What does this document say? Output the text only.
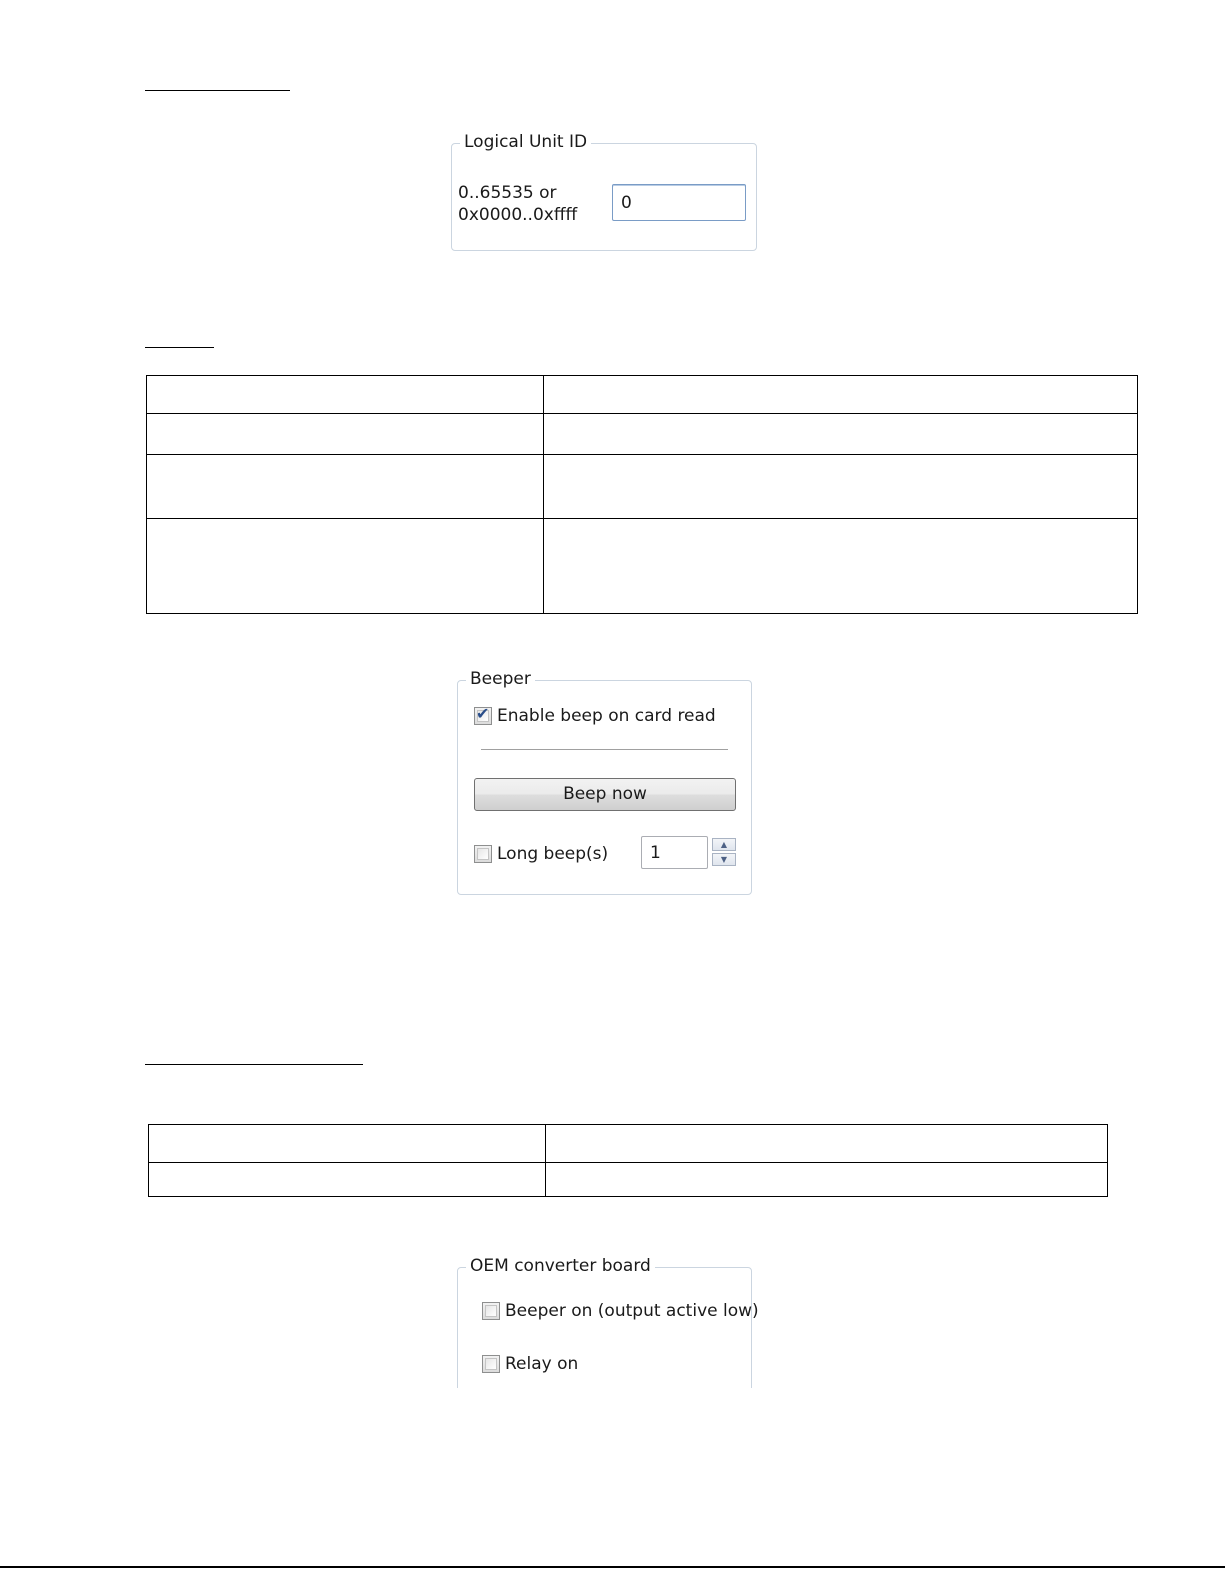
Logical Unit ID
0..65535 or
0x0000..0xffff
0

Beeper
✔ Enable beep on card read
Beep now
Long beep(s)
1	▲
▼

OEM converter board
Beeper on (output active low)
Relay on
